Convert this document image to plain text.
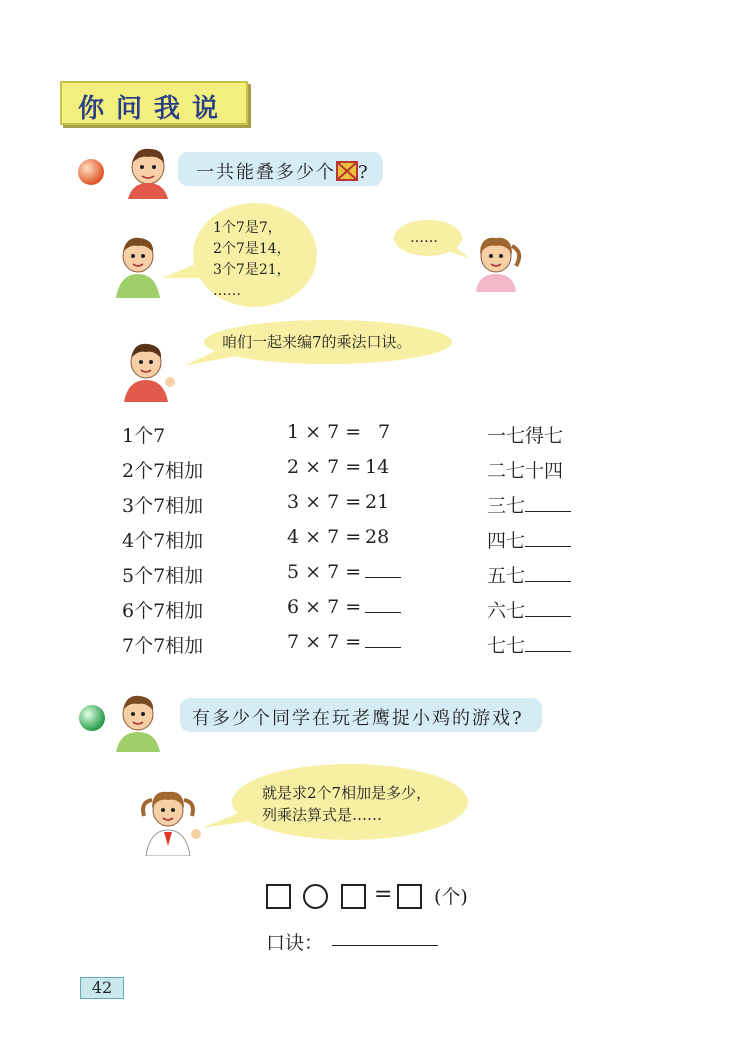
你问我说
一共能叠多少个 ?
1个7是7，
2个7是14，
3个7是21，
……
……
咱们一起来编7的乘法口诀。
1个7	1 × 7 = 7	一七得七
2个7相加	2 × 7 = 14	二七十四
3个7相加	3 × 7 = 21	三七
4个7相加	4 × 7 = 28	四七
5个7相加	5 × 7 =	五七
6个7相加	6 × 7 =	六七
7个7相加	7 × 7 =	七七
有多少个同学在玩老鹰捉小鸡的游戏?
就是求2个7相加是多少，
列乘法算式是……
= (个)
口诀：
42
